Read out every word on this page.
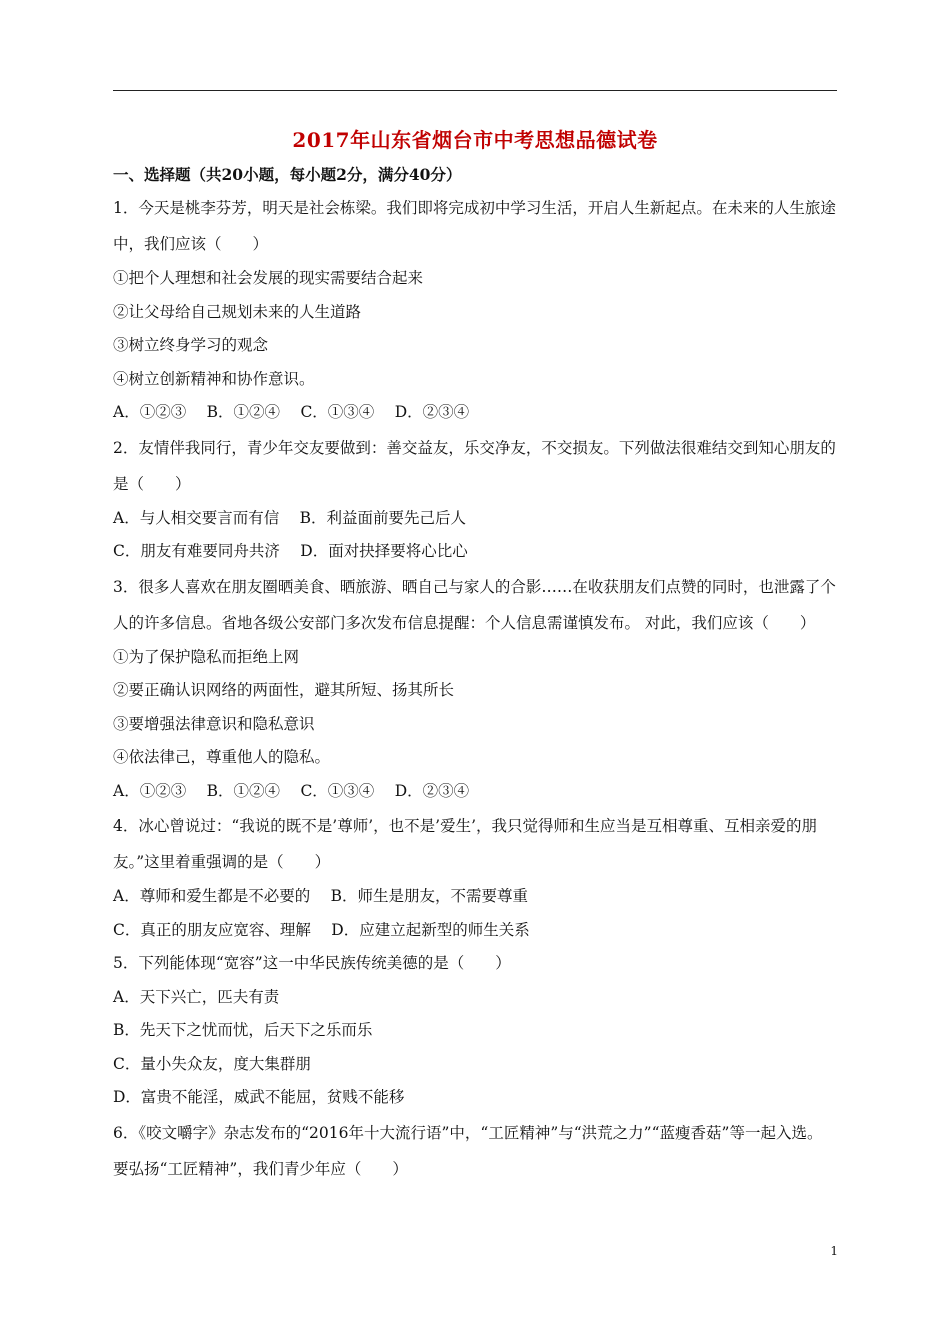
2017年山东省烟台市中考思想品德试卷
一、选择题（共20小题，每小题2分，满分40分）
1．今天是桃李芬芳，明天是社会栋梁。我们即将完成初中学习生活，开启人生新起点。在未来的人生旅途中，我们应该（　　）
①把个人理想和社会发展的现实需要结合起来
②让父母给自己规划未来的人生道路
③树立终身学习的观念
④树立创新精神和协作意识。
A．①②③　 B．①②④　 C．①③④　 D．②③④
2．友情伴我同行，青少年交友要做到：善交益友，乐交净友，不交损友。下列做法很难结交到知心朋友的是（　　）
A．与人相交要言而有信　 B．利益面前要先己后人
C．朋友有难要同舟共济　 D．面对抉择要将心比心
3．很多人喜欢在朋友圈晒美食、晒旅游、晒自己与家人的合影……在收获朋友们点赞的同时，也泄露了个人的许多信息。省地各级公安部门多次发布信息提醒：个人信息需谨慎发布。 对此，我们应该（　　）
①为了保护隐私而拒绝上网
②要正确认识网络的两面性，避其所短、扬其所长
③要增强法律意识和隐私意识
④依法律己，尊重他人的隐私。
A．①②③　 B．①②④　 C．①③④　 D．②③④
4．冰心曾说过：“我说的既不是’尊师’，也不是’爱生’，我只觉得师和生应当是互相尊重、互相亲爱的朋友。”这里着重强调的是（　　）
A．尊师和爱生都是不必要的　 B．师生是朋友，不需要尊重
C．真正的朋友应宽容、理解　 D．应建立起新型的师生关系
5．下列能体现“宽容”这一中华民族传统美德的是（　　）
A．天下兴亡，匹夫有责
B．先天下之忧而忧，后天下之乐而乐
C．量小失众友，度大集群朋
D．富贵不能淫，威武不能屈，贫贱不能移
6．《咬文嚼字》杂志发布的“2016年十大流行语”中，“工匠精神”与“洪荒之力”“蓝瘦香菇”等一起入选。要弘扬“工匠精神”，我们青少年应（　　）
1
